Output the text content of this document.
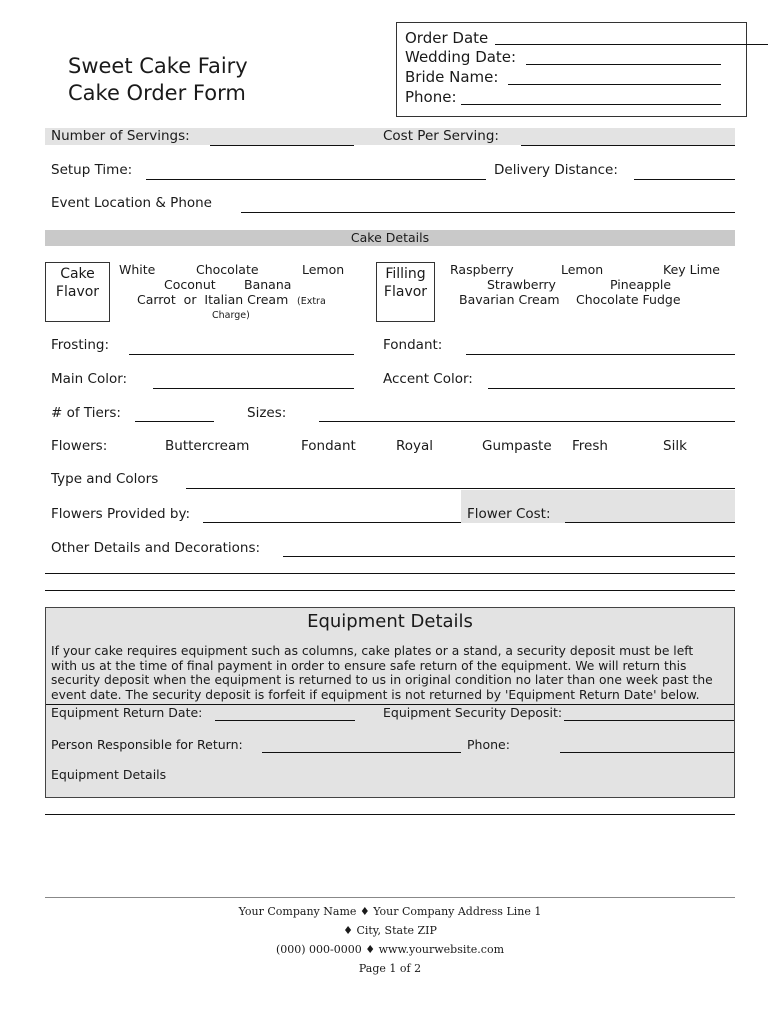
Sweet Cake Fairy
Cake Order Form
Order Date
Wedding Date:
Bride Name:
Phone:
Number of Servings:	Cost Per Serving:
Setup Time:	Delivery Distance:
Event Location & Phone
Cake Details
Cake
Flavor
White	Chocolate	Lemon
Coconut Banana
Carrot  or  Italian Cream (Extra
Charge)
Filling
Flavor
Raspberry	Lemon	Key Lime
Strawberry	Pineapple
Bavarian Cream Chocolate Fudge
Frosting:	Fondant:
Main Color:	Accent Color:
# of Tiers:	Sizes:
Flowers:	Buttercream	Fondant	Royal	Gumpaste Fresh	Silk
Type and Colors
Flowers Provided by:	Flower Cost:
Other Details and Decorations:
Equipment Details
If your cake requires equipment such as columns, cake plates or a stand, a security deposit must be left
with us at the time of final payment in order to ensure safe return of the equipment. We will return this
security deposit when the equipment is returned to us in original condition no later than one week past the
event date. The security deposit is forfeit if equipment is not returned by 'Equipment Return Date' below.
Equipment Return Date:	Equipment Security Deposit:
Person Responsible for Return:	Phone:
Equipment Details
Your Company Name ♦ Your Company Address Line 1
♦ City, State ZIP
(000) 000-0000 ♦ www.yourwebsite.com
Page 1 of 2
